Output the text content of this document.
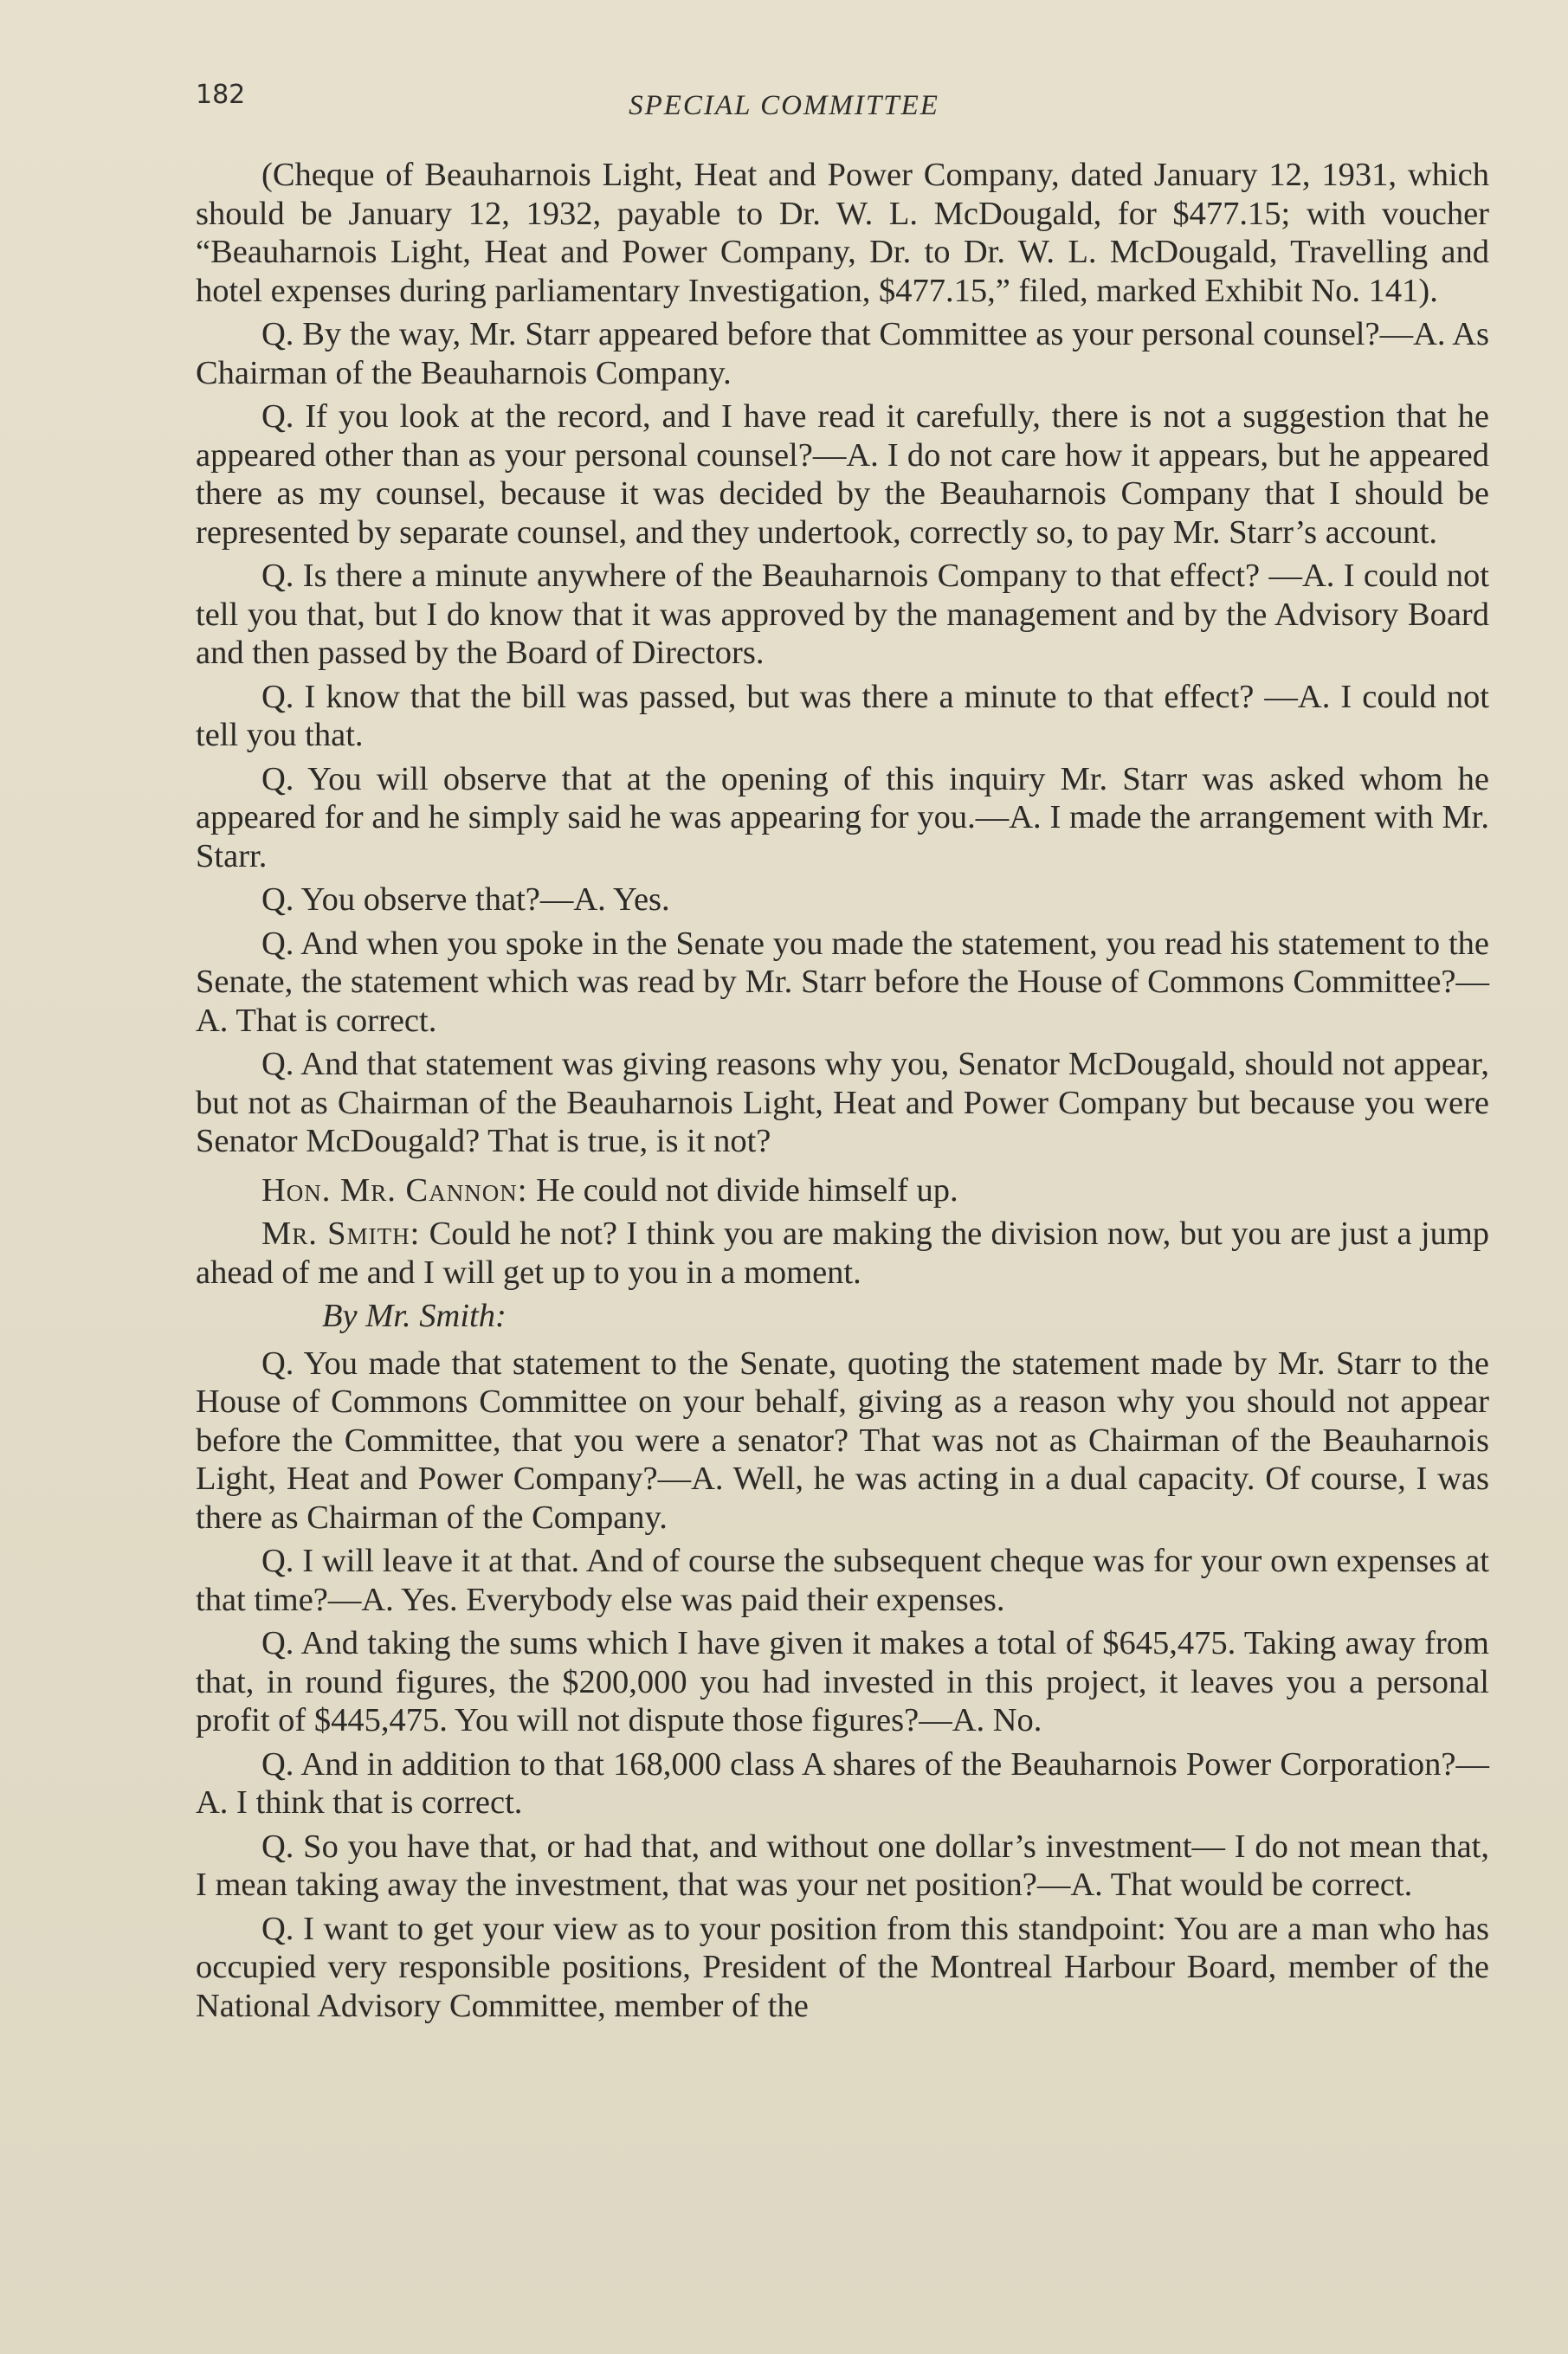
182	SPECIAL COMMITTEE

(Cheque of Beauharnois Light, Heat and Power Company, dated January 12, 1931, which should be January 12, 1932, payable to Dr. W. L. McDougald, for $477.15; with voucher “Beauharnois Light, Heat and Power Company, Dr. to Dr. W. L. McDougald, Travelling and hotel expenses during parliamentary Investigation, $477.15,” filed, marked Exhibit No. 141).

Q. By the way, Mr. Starr appeared before that Committee as your personal counsel?—A. As Chairman of the Beauharnois Company.

Q. If you look at the record, and I have read it carefully, there is not a suggestion that he appeared other than as your personal counsel?—A. I do not care how it appears, but he appeared there as my counsel, because it was decided by the Beauharnois Company that I should be represented by separate counsel, and they undertook, correctly so, to pay Mr. Starr’s account.

Q. Is there a minute anywhere of the Beauharnois Company to that effect? —A. I could not tell you that, but I do know that it was approved by the management and by the Advisory Board and then passed by the Board of Directors.

Q. I know that the bill was passed, but was there a minute to that effect? —A. I could not tell you that.

Q. You will observe that at the opening of this inquiry Mr. Starr was asked whom he appeared for and he simply said he was appearing for you.—A. I made the arrangement with Mr. Starr.

Q. You observe that?—A. Yes.

Q. And when you spoke in the Senate you made the statement, you read his statement to the Senate, the statement which was read by Mr. Starr before the House of Commons Committee?—A. That is correct.

Q. And that statement was giving reasons why you, Senator McDougald, should not appear, but not as Chairman of the Beauharnois Light, Heat and Power Company but because you were Senator McDougald? That is true, is it not?

Hon. Mr. Cannon: He could not divide himself up.

Mr. Smith: Could he not? I think you are making the division now, but you are just a jump ahead of me and I will get up to you in a moment.

By Mr. Smith:

Q. You made that statement to the Senate, quoting the statement made by Mr. Starr to the House of Commons Committee on your behalf, giving as a reason why you should not appear before the Committee, that you were a senator? That was not as Chairman of the Beauharnois Light, Heat and Power Company?—A. Well, he was acting in a dual capacity. Of course, I was there as Chairman of the Company.

Q. I will leave it at that. And of course the subsequent cheque was for your own expenses at that time?—A. Yes. Everybody else was paid their expenses.

Q. And taking the sums which I have given it makes a total of $645,475. Taking away from that, in round figures, the $200,000 you had invested in this project, it leaves you a personal profit of $445,475. You will not dispute those figures?—A. No.

Q. And in addition to that 168,000 class A shares of the Beauharnois Power Corporation?—A. I think that is correct.

Q. So you have that, or had that, and without one dollar’s investment— I do not mean that, I mean taking away the investment, that was your net position?—A. That would be correct.

Q. I want to get your view as to your position from this standpoint: You are a man who has occupied very responsible positions, President of the Montreal Harbour Board, member of the National Advisory Committee, member of the
